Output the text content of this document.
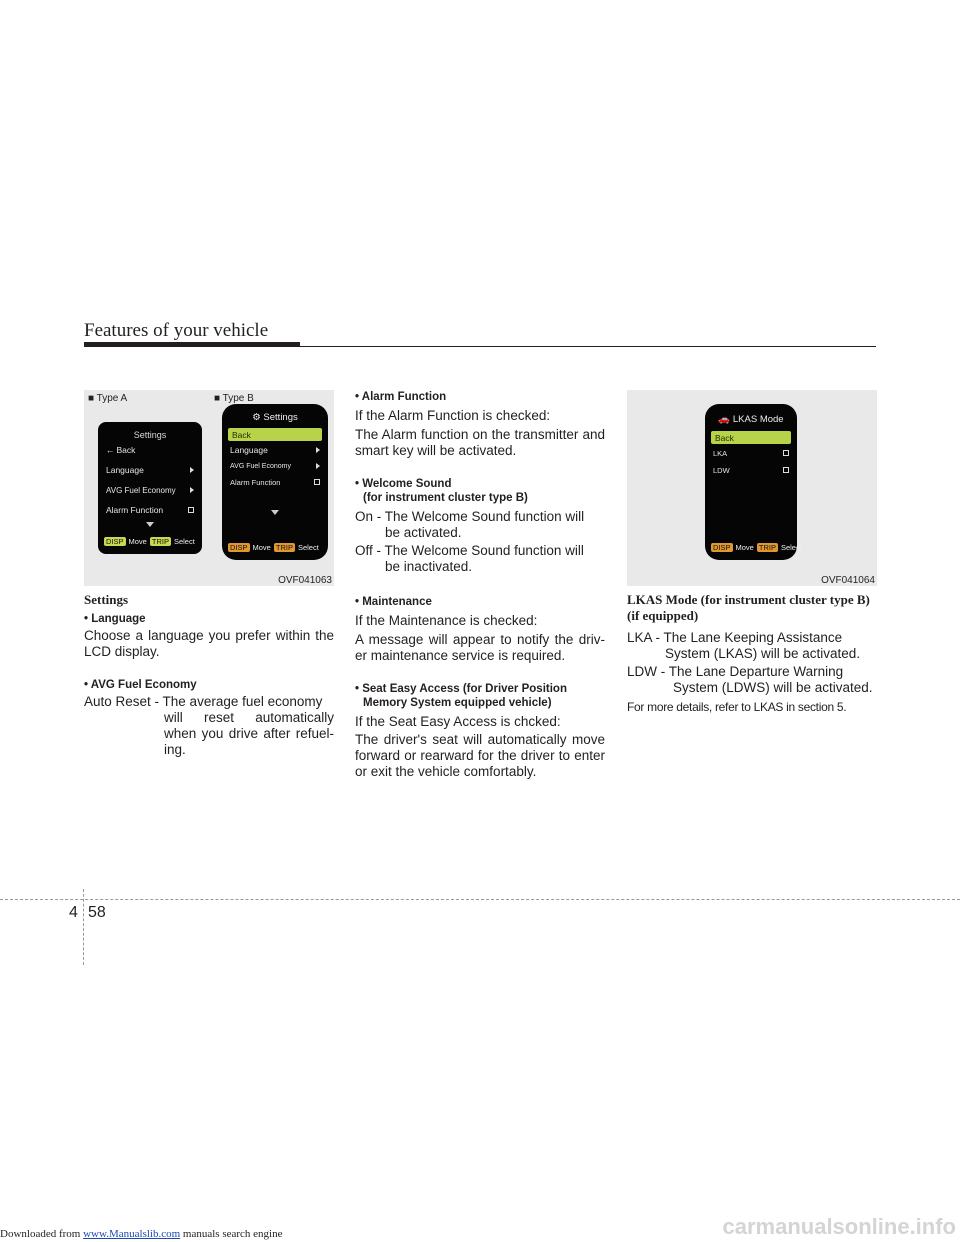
Features of your vehicle
■ Type A	■ Type B
Settings
← Back
Language
AVG Fuel Economy
Alarm Function
DISP Move TRIP Select
⚙ Settings
Back
Language
AVG Fuel Economy
Alarm Function
DISP Move TRIP Select
OVF041063
Settings
• Language
Choose a language you prefer within the LCD display.
• AVG Fuel Economy
Auto Reset - The average fuel economy
will reset automatically when you drive after refuel-ing.
• Alarm Function
If the Alarm Function is checked:
The Alarm function on the transmitter and smart key will be activated.
• Welcome Sound
(for instrument cluster type B)
On - The Welcome Sound function will
be activated.
Off - The Welcome Sound function will
be inactivated.
• Maintenance
If the Maintenance is checked:
A message will appear to notify the driv-er maintenance service is required.
• Seat Easy Access (for Driver Position
Memory System equipped vehicle)
If the Seat Easy Access is chcked:
The driver's seat will automatically move forward or rearward for the driver to enter or exit the vehicle comfortably.
🚗 LKAS Mode
Back
LKA
LDW
DISP Move TRIP Select
OVF041064
LKAS Mode (for instrument cluster type B) (if equipped)
LKA - The Lane Keeping Assistance
System (LKAS) will be activated.
LDW - The Lane Departure Warning
System (LDWS) will be activated.
For more details, refer to LKAS in section 5.
4 58
Downloaded from www.Manualslib.com manuals search engine	carmanualsonline.info
